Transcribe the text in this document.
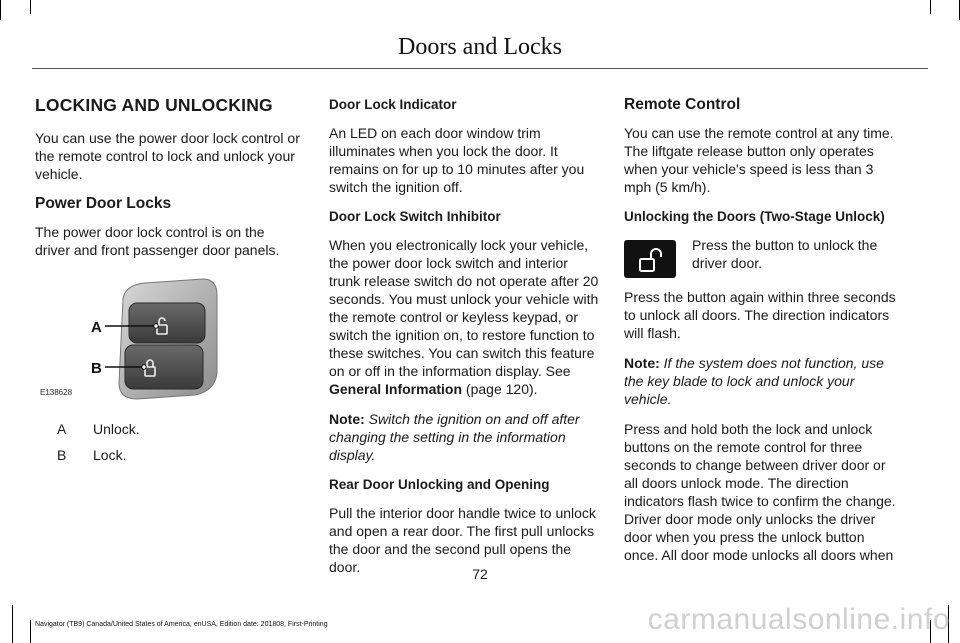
Doors and Locks
LOCKING AND UNLOCKING

You can use the power door lock control or the remote control to lock and unlock your vehicle.

Power Door Locks

The power door lock control is on the driver and front passenger door panels.

A
B
E138628
A	Unlock.
B	Lock.
Door Lock Indicator

An LED on each door window trim illuminates when you lock the door. It remains on for up to 10 minutes after you switch the ignition off.

Door Lock Switch Inhibitor

When you electronically lock your vehicle, the power door lock switch and interior trunk release switch do not operate after 20 seconds. You must unlock your vehicle with the remote control or keyless keypad, or switch the ignition on, to restore function to these switches. You can switch this feature on or off in the information display. See General Information (page 120).

Note: Switch the ignition on and off after changing the setting in the information display.

Rear Door Unlocking and Opening

Pull the interior door handle twice to unlock and open a rear door. The first pull unlocks the door and the second pull opens the door.

Remote Control

You can use the remote control at any time. The liftgate release button only operates when your vehicle's speed is less than 3 mph (5 km/h).

Unlocking the Doors (Two-Stage Unlock)
Press the button to unlock the driver door.

Press the button again within three seconds to unlock all doors. The direction indicators will flash.

Note: If the system does not function, use the key blade to lock and unlock your vehicle.

Press and hold both the lock and unlock buttons on the remote control for three seconds to change between driver door or all doors unlock mode. The direction indicators flash twice to confirm the change. Driver door mode only unlocks the driver door when you press the unlock button once. All door mode unlocks all doors when

72
Navigator (TB9) Canada/United States of America, enUSA, Edition date: 201808, First-Printing	carmanualsonline.info
